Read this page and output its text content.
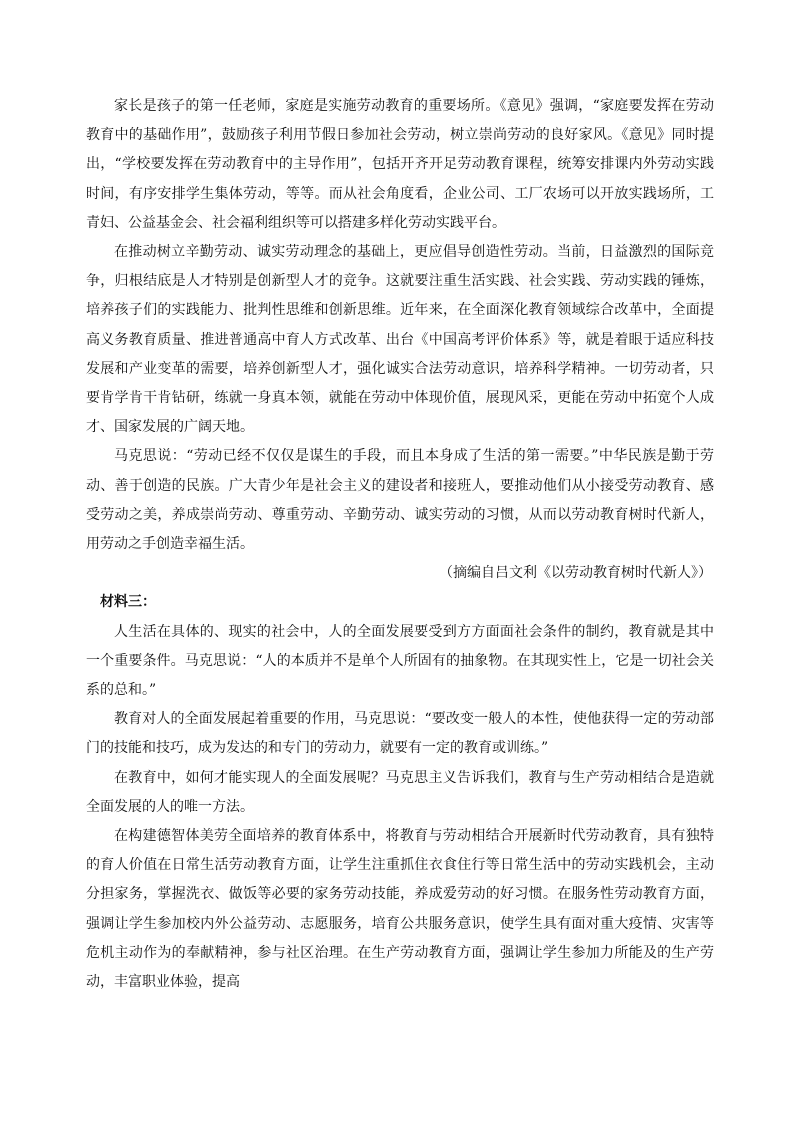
家长是孩子的第一任老师，家庭是实施劳动教育的重要场所。《意见》强调，“家庭要发挥在劳动教育中的基础作用”，鼓励孩子利用节假日参加社会劳动，树立崇尚劳动的良好家风。《意见》同时提出，“学校要发挥在劳动教育中的主导作用”，包括开齐开足劳动教育课程，统筹安排课内外劳动实践时间，有序安排学生集体劳动，等等。而从社会角度看，企业公司、工厂农场可以开放实践场所，工青妇、公益基金会、社会福利组织等可以搭建多样化劳动实践平台。

在推动树立辛勤劳动、诚实劳动理念的基础上，更应倡导创造性劳动。当前，日益激烈的国际竞争，归根结底是人才特别是创新型人才的竞争。这就要注重生活实践、社会实践、劳动实践的锤炼，培养孩子们的实践能力、批判性思维和创新思维。近年来，在全面深化教育领域综合改革中，全面提高义务教育质量、推进普通高中育人方式改革、出台《中国高考评价体系》等，就是着眼于适应科技发展和产业变革的需要，培养创新型人才，强化诚实合法劳动意识，培养科学精神。一切劳动者，只要肯学肯干肯钻研，练就一身真本领，就能在劳动中体现价值，展现风采，更能在劳动中拓宽个人成才、国家发展的广阔天地。

马克思说：“劳动已经不仅仅是谋生的手段，而且本身成了生活的第一需要。”中华民族是勤于劳动、善于创造的民族。广大青少年是社会主义的建设者和接班人，要推动他们从小接受劳动教育、感受劳动之美，养成崇尚劳动、尊重劳动、辛勤劳动、诚实劳动的习惯，从而以劳动教育树时代新人，用劳动之手创造幸福生活。

（摘编自吕文利《以劳动教育树时代新人》）

材料三：

人生活在具体的、现实的社会中，人的全面发展要受到方方面面社会条件的制约，教育就是其中一个重要条件。马克思说：“人的本质并不是单个人所固有的抽象物。在其现实性上，它是一切社会关系的总和。”

教育对人的全面发展起着重要的作用，马克思说：“要改变一般人的本性，使他获得一定的劳动部门的技能和技巧，成为发达的和专门的劳动力，就要有一定的教育或训练。”

在教育中，如何才能实现人的全面发展呢？马克思主义告诉我们，教育与生产劳动相结合是造就全面发展的人的唯一方法。

在构建德智体美劳全面培养的教育体系中，将教育与劳动相结合开展新时代劳动教育，具有独特的育人价值在日常生活劳动教育方面，让学生注重抓住衣食住行等日常生活中的劳动实践机会，主动分担家务，掌握洗衣、做饭等必要的家务劳动技能，养成爱劳动的好习惯。在服务性劳动教育方面，强调让学生参加校内外公益劳动、志愿服务，培育公共服务意识，使学生具有面对重大疫情、灾害等危机主动作为的奉献精神，参与社区治理。在生产劳动教育方面，强调让学生参加力所能及的生产劳动，丰富职业体验，提高
